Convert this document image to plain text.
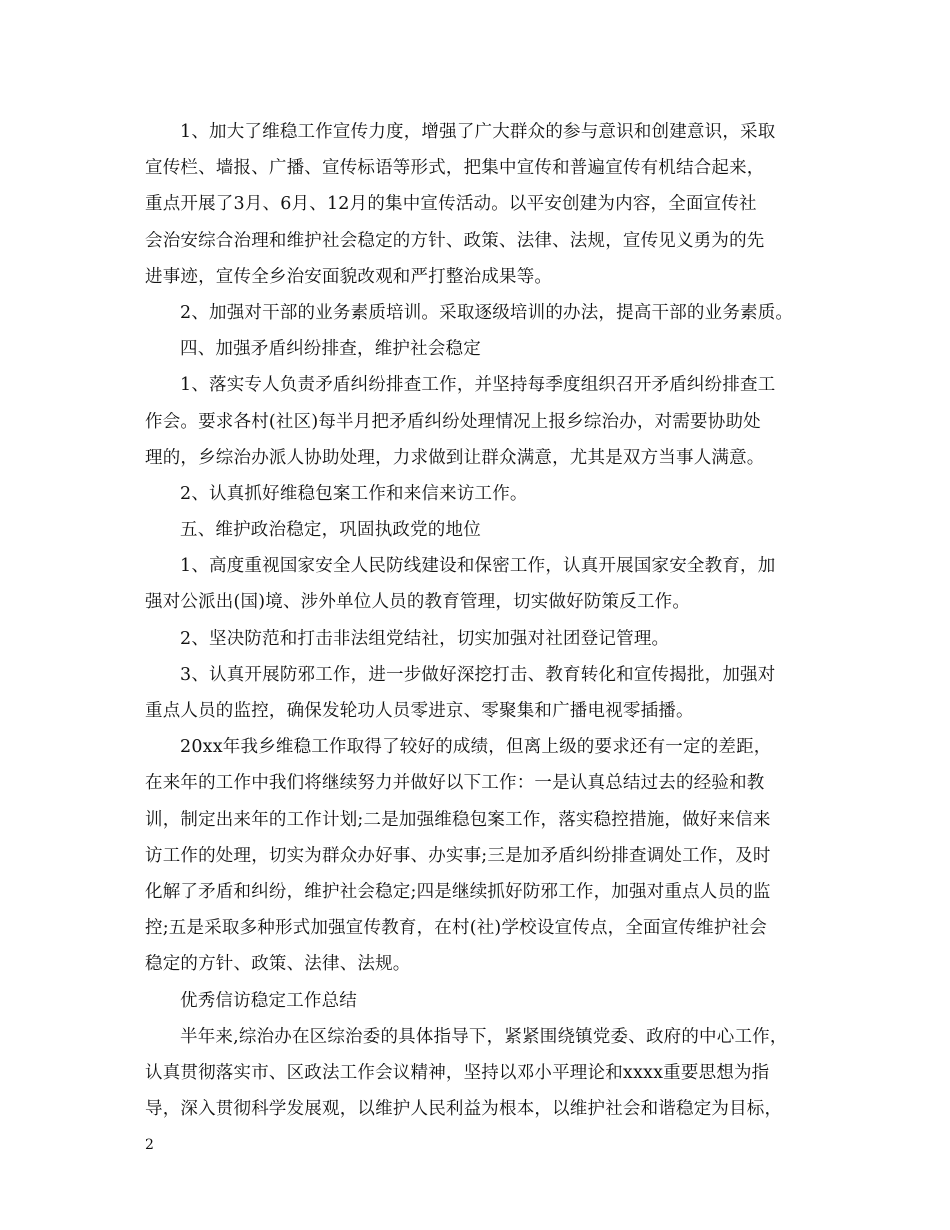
1、加大了维稳工作宣传力度，增强了广大群众的参与意识和创建意识，采取
宣传栏、墙报、广播、宣传标语等形式，把集中宣传和普遍宣传有机结合起来，
重点开展了3月、6月、12月的集中宣传活动。以平安创建为内容，全面宣传社
会治安综合治理和维护社会稳定的方针、政策、法律、法规，宣传见义勇为的先
进事迹，宣传全乡治安面貌改观和严打整治成果等。
2、加强对干部的业务素质培训。采取逐级培训的办法，提高干部的业务素质。
四、加强矛盾纠纷排查，维护社会稳定
1、落实专人负责矛盾纠纷排查工作，并坚持每季度组织召开矛盾纠纷排查工
作会。要求各村(社区)每半月把矛盾纠纷处理情况上报乡综治办，对需要协助处
理的，乡综治办派人协助处理，力求做到让群众满意，尤其是双方当事人满意。
2、认真抓好维稳包案工作和来信来访工作。
五、维护政治稳定，巩固执政党的地位
1、高度重视国家安全人民防线建设和保密工作，认真开展国家安全教育，加
强对公派出(国)境、涉外单位人员的教育管理，切实做好防策反工作。
2、坚决防范和打击非法组党结社，切实加强对社团登记管理。
3、认真开展防邪工作，进一步做好深挖打击、教育转化和宣传揭批，加强对
重点人员的监控，确保发轮功人员零进京、零聚集和广播电视零插播。
20xx年我乡维稳工作取得了较好的成绩，但离上级的要求还有一定的差距，
在来年的工作中我们将继续努力并做好以下工作：一是认真总结过去的经验和教
训，制定出来年的工作计划;二是加强维稳包案工作，落实稳控措施，做好来信来
访工作的处理，切实为群众办好事、办实事;三是加矛盾纠纷排查调处工作，及时
化解了矛盾和纠纷，维护社会稳定;四是继续抓好防邪工作，加强对重点人员的监
控;五是采取多种形式加强宣传教育，在村(社)学校设宣传点，全面宣传维护社会
稳定的方针、政策、法律、法规。
优秀信访稳定工作总结
半年来,综治办在区综治委的具体指导下，紧紧围绕镇党委、政府的中心工作，
认真贯彻落实市、区政法工作会议精神，坚持以邓小平理论和xxxx重要思想为指
导，深入贯彻科学发展观，以维护人民利益为根本，以维护社会和谐稳定为目标，
2
